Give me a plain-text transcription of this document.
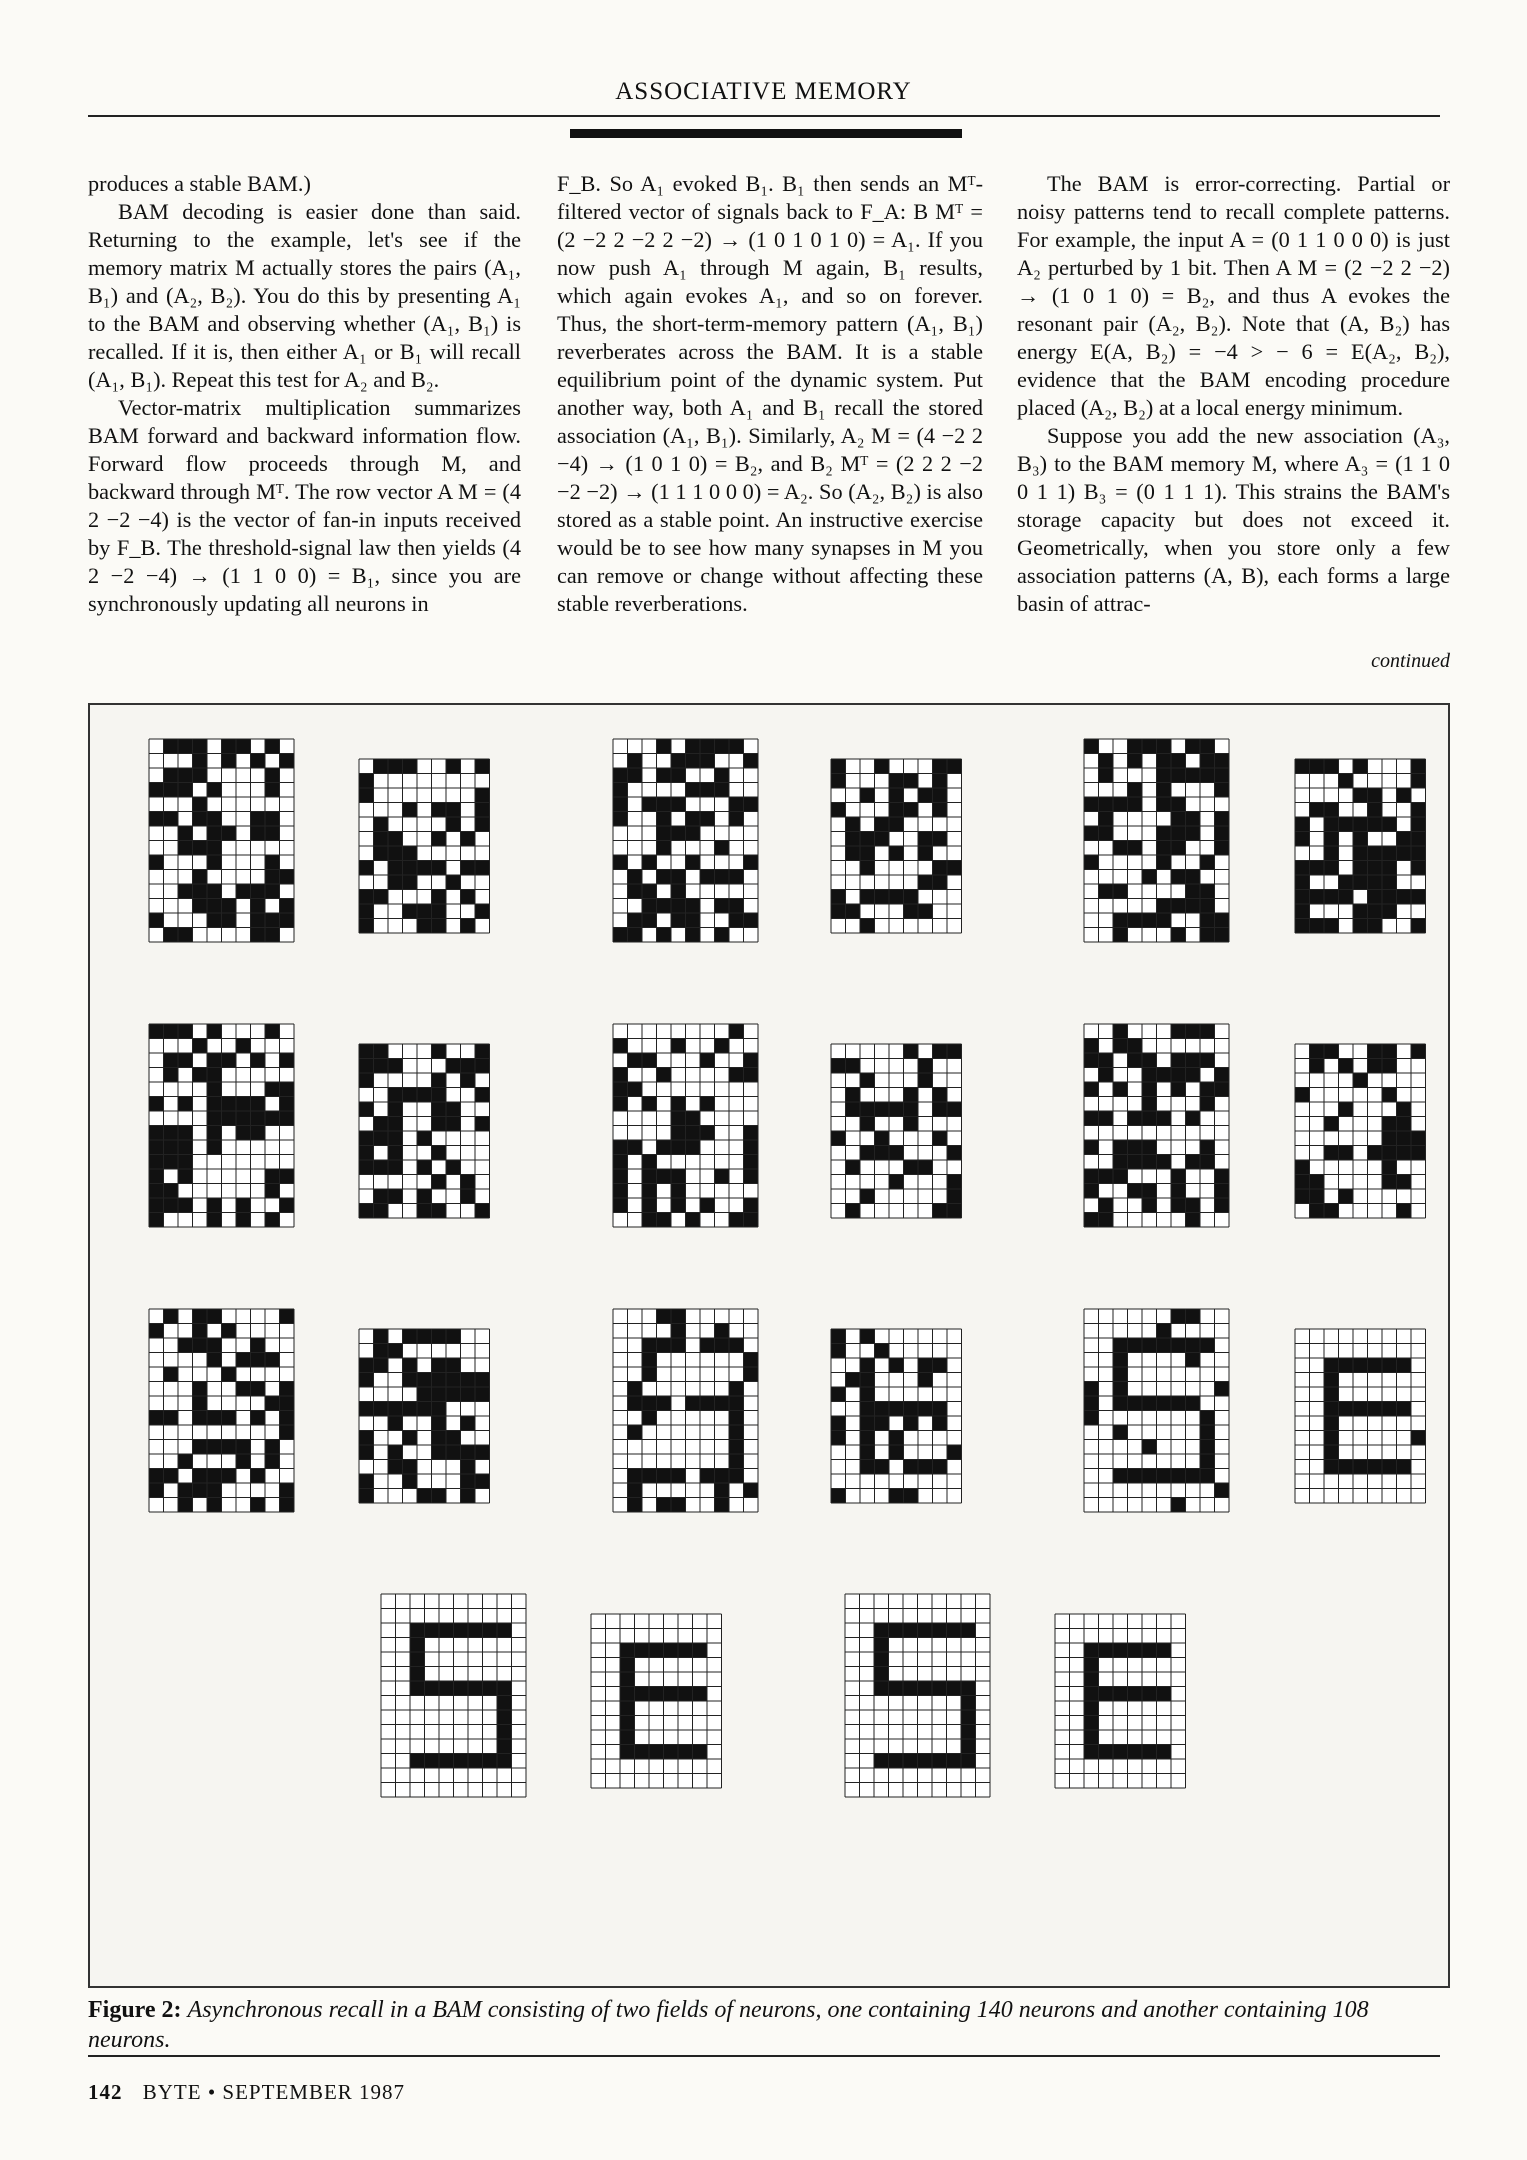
ASSOCIATIVE MEMORY

produces a stable BAM.)

BAM decoding is easier done than said. Returning to the example, let's see if the memory matrix M actually stores the pairs (A₁, B₁) and (A₂, B₂). You do this by presenting A₁ to the BAM and observing whether (A₁, B₁) is recalled. If it is, then either A₁ or B₁ will recall (A₁, B₁). Repeat this test for A₂ and B₂.

Vector-matrix multiplication summarizes BAM forward and backward information flow. Forward flow proceeds through M, and backward through Mᵀ. The row vector A M = (4 2 −2 −4) is the vector of fan-in inputs received by F_B. The threshold-signal law then yields (4 2 −2 −4) → (1 1 0 0) = B₁, since you are synchronously updating all neurons in

F_B. So A₁ evoked B₁. B₁ then sends an Mᵀ-filtered vector of signals back to F_A: B Mᵀ = (2 −2 2 −2 2 −2) → (1 0 1 0 1 0) = A₁. If you now push A₁ through M again, B₁ results, which again evokes A₁, and so on forever. Thus, the short-term-memory pattern (A₁, B₁) reverberates across the BAM. It is a stable equilibrium point of the dynamic system. Put another way, both A₁ and B₁ recall the stored association (A₁, B₁). Similarly, A₂ M = (4 −2 2 −4) → (1 0 1 0) = B₂, and B₂ Mᵀ = (2 2 2 −2 −2 −2) → (1 1 1 0 0 0) = A₂. So (A₂, B₂) is also stored as a stable point. An instructive exercise would be to see how many synapses in M you can remove or change without affecting these stable reverberations.

The BAM is error-correcting. Partial or noisy patterns tend to recall complete patterns. For example, the input A = (0 1 1 0 0 0) is just A₂ perturbed by 1 bit. Then A M = (2 −2 2 −2) → (1 0 1 0) = B₂, and thus A evokes the resonant pair (A₂, B₂). Note that (A, B₂) has energy E(A, B₂) = −4 > − 6 = E(A₂, B₂), evidence that the BAM encoding procedure placed (A₂, B₂) at a local energy minimum.

Suppose you add the new association (A₃, B₃) to the BAM memory M, where A₃ = (1 1 0 0 1 1) B₃ = (0 1 1 1). This strains the BAM's storage capacity but does not exceed it. Geometrically, when you store only a few association patterns (A, B), each forms a large basin of attrac-

continued
Figure 2: Asynchronous recall in a BAM consisting of two fields of neurons, one containing 140 neurons and another containing 108 neurons.
142 BYTE • SEPTEMBER 1987
